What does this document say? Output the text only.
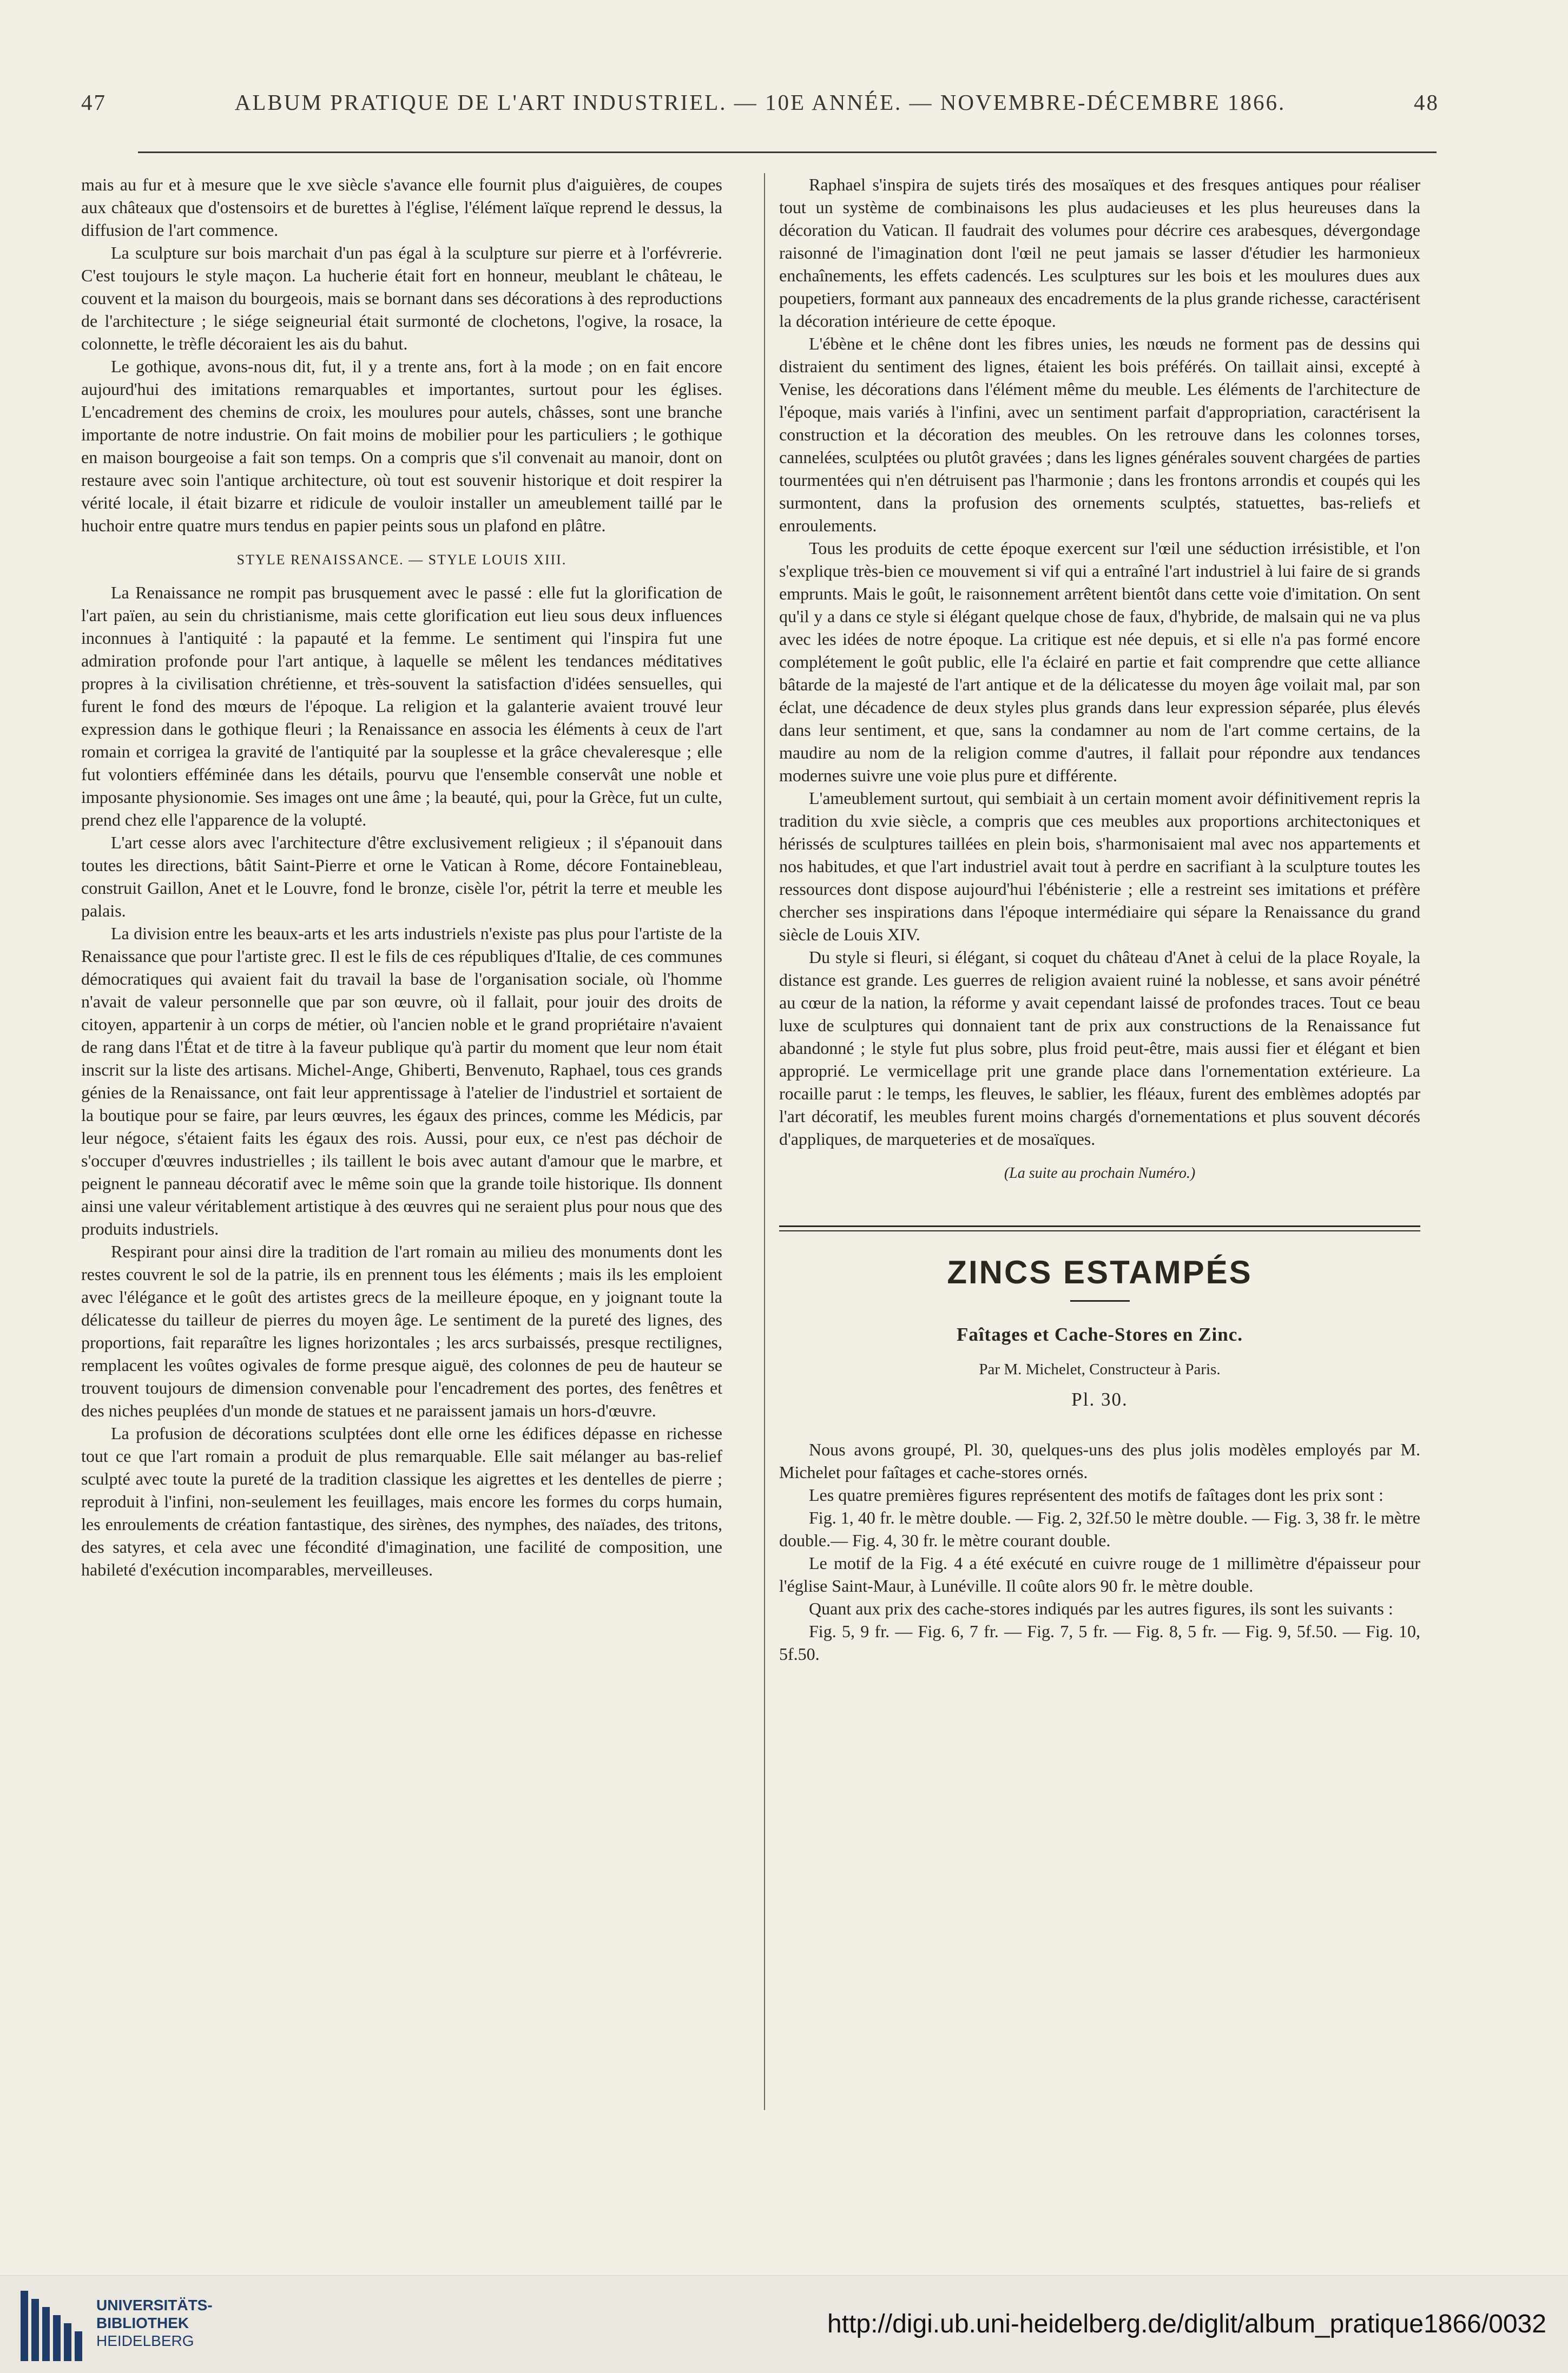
47	ALBUM PRATIQUE DE L'ART INDUSTRIEL. — 10E ANNÉE. — NOVEMBRE-DÉCEMBRE 1866.	48

mais au fur et à mesure que le xve siècle s'avance elle fournit plus d'aiguières, de coupes aux châteaux que d'ostensoirs et de burettes à l'église, l'élément laïque reprend le dessus, la diffusion de l'art commence.

La sculpture sur bois marchait d'un pas égal à la sculpture sur pierre et à l'orfévrerie. C'est toujours le style maçon. La hucherie était fort en honneur, meublant le château, le couvent et la maison du bourgeois, mais se bornant dans ses décorations à des reproductions de l'architecture ; le siége seigneurial était surmonté de clochetons, l'ogive, la rosace, la colonnette, le trèfle décoraient les ais du bahut.

Le gothique, avons-nous dit, fut, il y a trente ans, fort à la mode ; on en fait encore aujourd'hui des imitations remarquables et importantes, surtout pour les églises. L'encadrement des chemins de croix, les moulures pour autels, châsses, sont une branche importante de notre industrie. On fait moins de mobilier pour les particuliers ; le gothique en maison bourgeoise a fait son temps. On a compris que s'il convenait au manoir, dont on restaure avec soin l'antique architecture, où tout est souvenir historique et doit respirer la vérité locale, il était bizarre et ridicule de vouloir installer un ameublement taillé par le huchoir entre quatre murs tendus en papier peints sous un plafond en plâtre.

STYLE RENAISSANCE. — STYLE LOUIS XIII.

La Renaissance ne rompit pas brusquement avec le passé : elle fut la glorification de l'art païen, au sein du christianisme, mais cette glorification eut lieu sous deux influences inconnues à l'antiquité : la papauté et la femme. Le sentiment qui l'inspira fut une admiration profonde pour l'art antique, à laquelle se mêlent les tendances méditatives propres à la civilisation chrétienne, et très-souvent la satisfaction d'idées sensuelles, qui furent le fond des mœurs de l'époque. La religion et la galanterie avaient trouvé leur expression dans le gothique fleuri ; la Renaissance en associa les éléments à ceux de l'art romain et corrigea la gravité de l'antiquité par la souplesse et la grâce chevaleresque ; elle fut volontiers efféminée dans les détails, pourvu que l'ensemble conservât une noble et imposante physionomie. Ses images ont une âme ; la beauté, qui, pour la Grèce, fut un culte, prend chez elle l'apparence de la volupté.

L'art cesse alors avec l'architecture d'être exclusivement religieux ; il s'épanouit dans toutes les directions, bâtit Saint-Pierre et orne le Vatican à Rome, décore Fontainebleau, construit Gaillon, Anet et le Louvre, fond le bronze, cisèle l'or, pétrit la terre et meuble les palais.

La division entre les beaux-arts et les arts industriels n'existe pas plus pour l'artiste de la Renaissance que pour l'artiste grec. Il est le fils de ces républiques d'Italie, de ces communes démocratiques qui avaient fait du travail la base de l'organisation sociale, où l'homme n'avait de valeur personnelle que par son œuvre, où il fallait, pour jouir des droits de citoyen, appartenir à un corps de métier, où l'ancien noble et le grand propriétaire n'avaient de rang dans l'État et de titre à la faveur publique qu'à partir du moment que leur nom était inscrit sur la liste des artisans. Michel-Ange, Ghiberti, Benvenuto, Raphael, tous ces grands génies de la Renaissance, ont fait leur apprentissage à l'atelier de l'industriel et sortaient de la boutique pour se faire, par leurs œuvres, les égaux des princes, comme les Médicis, par leur négoce, s'étaient faits les égaux des rois. Aussi, pour eux, ce n'est pas déchoir de s'occuper d'œuvres industrielles ; ils taillent le bois avec autant d'amour que le marbre, et peignent le panneau décoratif avec le même soin que la grande toile historique. Ils donnent ainsi une valeur véritablement artistique à des œuvres qui ne seraient plus pour nous que des produits industriels.

Respirant pour ainsi dire la tradition de l'art romain au milieu des monuments dont les restes couvrent le sol de la patrie, ils en prennent tous les éléments ; mais ils les emploient avec l'élégance et le goût des artistes grecs de la meilleure époque, en y joignant toute la délicatesse du tailleur de pierres du moyen âge. Le sentiment de la pureté des lignes, des proportions, fait reparaître les lignes horizontales ; les arcs surbaissés, presque rectilignes, remplacent les voûtes ogivales de forme presque aiguë, des colonnes de peu de hauteur se trouvent toujours de dimension convenable pour l'encadrement des portes, des fenêtres et des niches peuplées d'un monde de statues et ne paraissent jamais un hors-d'œuvre.

La profusion de décorations sculptées dont elle orne les édifices dépasse en richesse tout ce que l'art romain a produit de plus remarquable. Elle sait mélanger au bas-relief sculpté avec toute la pureté de la tradition classique les aigrettes et les dentelles de pierre ; reproduit à l'infini, non-seulement les feuillages, mais encore les formes du corps humain, les enroulements de création fantastique, des sirènes, des nymphes, des naïades, des tritons, des satyres, et cela avec une fécondité d'imagination, une facilité de composition, une habileté d'exécution incomparables, merveilleuses.

Raphael s'inspira de sujets tirés des mosaïques et des fresques antiques pour réaliser tout un système de combinaisons les plus audacieuses et les plus heureuses dans la décoration du Vatican. Il faudrait des volumes pour décrire ces arabesques, dévergondage raisonné de l'imagination dont l'œil ne peut jamais se lasser d'étudier les harmonieux enchaînements, les effets cadencés. Les sculptures sur les bois et les moulures dues aux poupetiers, formant aux panneaux des encadrements de la plus grande richesse, caractérisent la décoration intérieure de cette époque.

L'ébène et le chêne dont les fibres unies, les nœuds ne forment pas de dessins qui distraient du sentiment des lignes, étaient les bois préférés. On taillait ainsi, excepté à Venise, les décorations dans l'élément même du meuble. Les éléments de l'architecture de l'époque, mais variés à l'infini, avec un sentiment parfait d'appropriation, caractérisent la construction et la décoration des meubles. On les retrouve dans les colonnes torses, cannelées, sculptées ou plutôt gravées ; dans les lignes générales souvent chargées de parties tourmentées qui n'en détruisent pas l'harmonie ; dans les frontons arrondis et coupés qui les surmontent, dans la profusion des ornements sculptés, statuettes, bas-reliefs et enroulements.

Tous les produits de cette époque exercent sur l'œil une séduction irrésistible, et l'on s'explique très-bien ce mouvement si vif qui a entraîné l'art industriel à lui faire de si grands emprunts. Mais le goût, le raisonnement arrêtent bientôt dans cette voie d'imitation. On sent qu'il y a dans ce style si élégant quelque chose de faux, d'hybride, de malsain qui ne va plus avec les idées de notre époque. La critique est née depuis, et si elle n'a pas formé encore complétement le goût public, elle l'a éclairé en partie et fait comprendre que cette alliance bâtarde de la majesté de l'art antique et de la délicatesse du moyen âge voilait mal, par son éclat, une décadence de deux styles plus grands dans leur expression séparée, plus élevés dans leur sentiment, et que, sans la condamner au nom de l'art comme certains, de la maudire au nom de la religion comme d'autres, il fallait pour répondre aux tendances modernes suivre une voie plus pure et différente.

L'ameublement surtout, qui sembiait à un certain moment avoir définitivement repris la tradition du xvie siècle, a compris que ces meubles aux proportions architectoniques et hérissés de sculptures taillées en plein bois, s'harmonisaient mal avec nos appartements et nos habitudes, et que l'art industriel avait tout à perdre en sacrifiant à la sculpture toutes les ressources dont dispose aujourd'hui l'ébénisterie ; elle a restreint ses imitations et préfère chercher ses inspirations dans l'époque intermédiaire qui sépare la Renaissance du grand siècle de Louis XIV.

Du style si fleuri, si élégant, si coquet du château d'Anet à celui de la place Royale, la distance est grande. Les guerres de religion avaient ruiné la noblesse, et sans avoir pénétré au cœur de la nation, la réforme y avait cependant laissé de profondes traces. Tout ce beau luxe de sculptures qui donnaient tant de prix aux constructions de la Renaissance fut abandonné ; le style fut plus sobre, plus froid peut-être, mais aussi fier et élégant et bien approprié. Le vermicellage prit une grande place dans l'ornementation extérieure. La rocaille parut : le temps, les fleuves, le sablier, les fléaux, furent des emblèmes adoptés par l'art décoratif, les meubles furent moins chargés d'ornementations et plus souvent décorés d'appliques, de marqueteries et de mosaïques.

(La suite au prochain Numéro.)
ZINCS ESTAMPÉS
Faîtages et Cache-Stores en Zinc.
Par M. Michelet, Constructeur à Paris.
Pl. 30.

Nous avons groupé, Pl. 30, quelques-uns des plus jolis modèles employés par M. Michelet pour faîtages et cache-stores ornés.

Les quatre premières figures représentent des motifs de faîtages dont les prix sont :

Fig. 1, 40 fr. le mètre double. — Fig. 2, 32f.50 le mètre double. — Fig. 3, 38 fr. le mètre double.— Fig. 4, 30 fr. le mètre courant double.

Le motif de la Fig. 4 a été exécuté en cuivre rouge de 1 millimètre d'épaisseur pour l'église Saint-Maur, à Lunéville. Il coûte alors 90 fr. le mètre double.

Quant aux prix des cache-stores indiqués par les autres figures, ils sont les suivants :

Fig. 5, 9 fr. — Fig. 6, 7 fr. — Fig. 7, 5 fr. — Fig. 8, 5 fr. — Fig. 9, 5f.50. — Fig. 10, 5f.50.

UNIVERSITÄTS-
BIBLIOTHEK
HEIDELBERG
http://digi.ub.uni-heidelberg.de/diglit/album_pratique1866/0032
